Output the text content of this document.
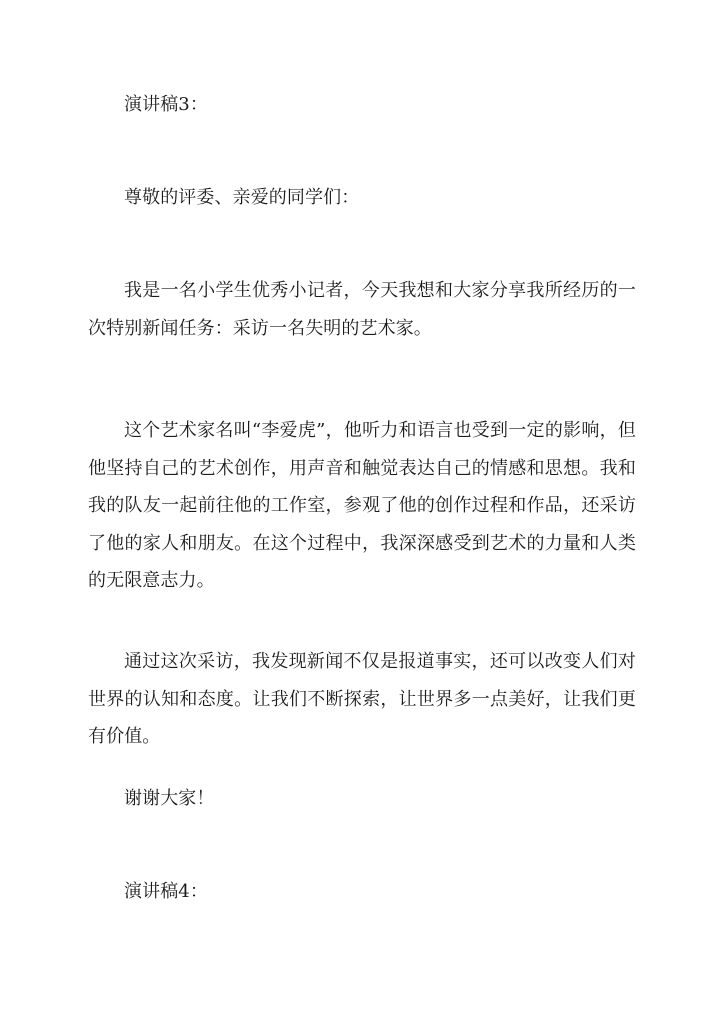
演讲稿3：

尊敬的评委、亲爱的同学们：

我是一名小学生优秀小记者，今天我想和大家分享我所经历的一次特别新闻任务：采访一名失明的艺术家。

这个艺术家名叫“李爱虎”，他听力和语言也受到一定的影响，但他坚持自己的艺术创作，用声音和触觉表达自己的情感和思想。我和我的队友一起前往他的工作室，参观了他的创作过程和作品，还采访了他的家人和朋友。在这个过程中，我深深感受到艺术的力量和人类的无限意志力。

通过这次采访，我发现新闻不仅是报道事实，还可以改变人们对世界的认知和态度。让我们不断探索，让世界多一点美好，让我们更有价值。

谢谢大家！

演讲稿4：
